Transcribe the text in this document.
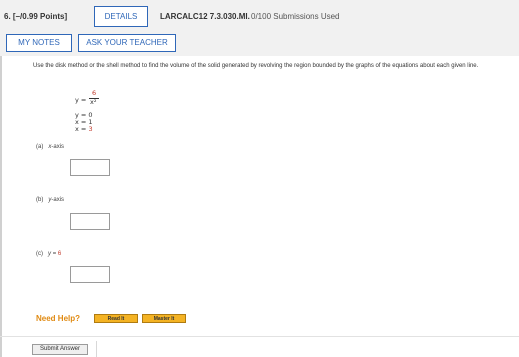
6. [–/0.99 Points]	DETAILS	LARCALC12 7.3.030.MI. 0/100 Submissions Used
MY NOTES	ASK YOUR TEACHER
Use the disk method or the shell method to find the volume of the solid generated by revolving the region bounded by the graphs of the equations about each given line.
y =
6
x²
y = 0
x = 1
x = 3
(a) x-axis
(b) y-axis
(c) y = 6
Need Help?	Read It	Master It
Submit Answer
